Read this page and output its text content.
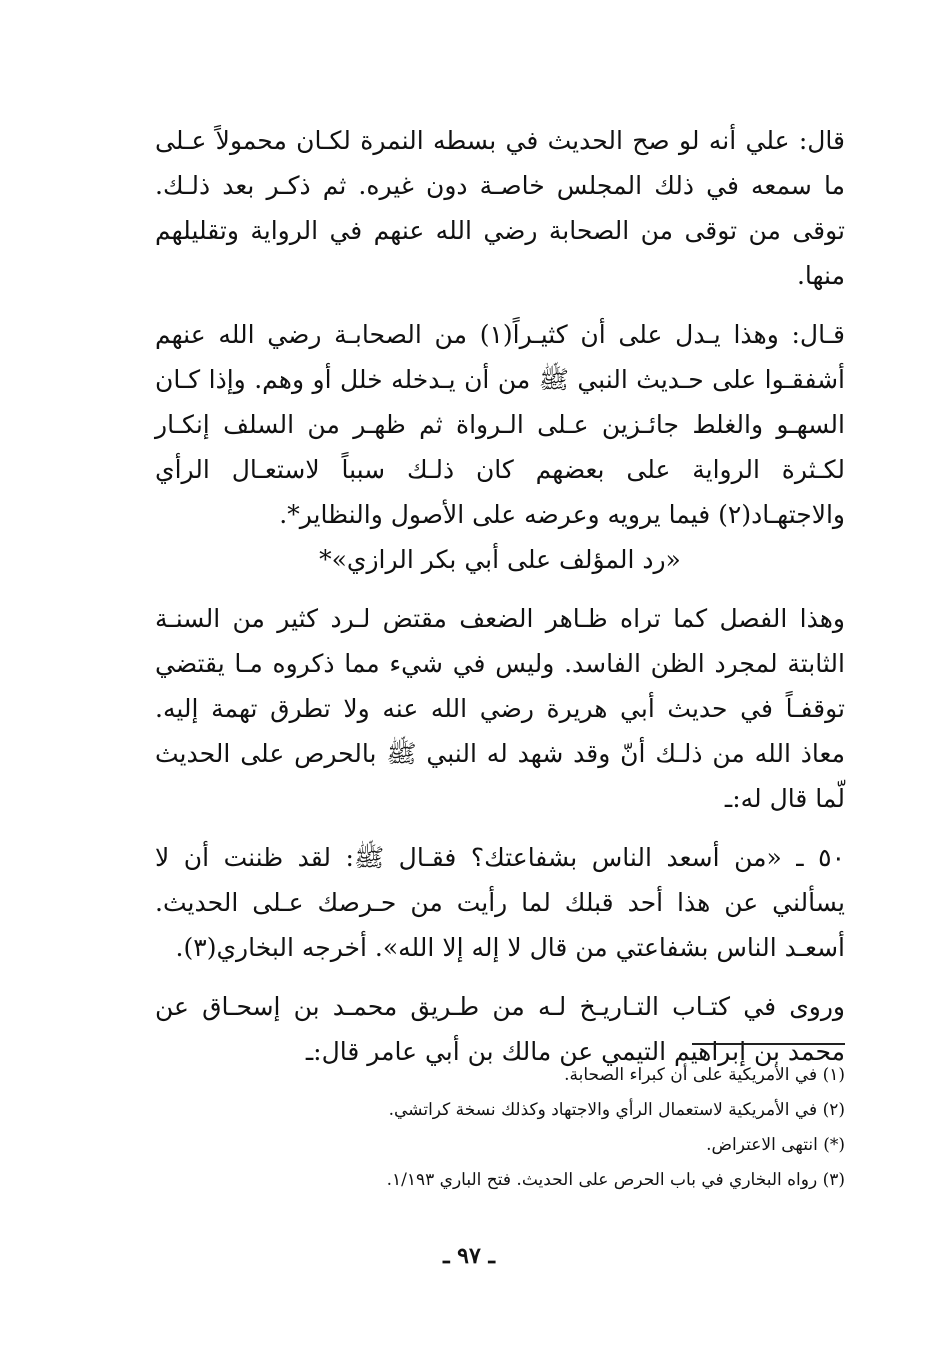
قال: علي أنه لو صح الحديث في بسطه النمرة لكـان محمولاً عـلى ما سمعه في ذلك المجلس خاصـة دون غيره. ثم ذكـر بعد ذلـك. توقى من توقى من الصحابة رضي الله عنهم في الرواية وتقليلهم منها.

قـال: وهذا يـدل على أن كثيـراً(١) من الصحابـة رضي الله عنهم أشفقـوا على حـديث النبي ﷺ من أن يـدخله خلل أو وهم. وإذا كـان السهـو والغلط جائـزين عـلى الـرواة ثم ظهـر من السلف إنكـار لكـثرة الرواية على بعضهم كان ذلـك سبباً لاستعـال الرأي والاجتهـاد(٢) فيما يرويه وعرضه على الأصول والنظاير*.

«رد المؤلف على أبي بكر الرازي»*

وهذا الفصل كما تراه ظـاهر الضعف مقتض لـرد كثير من السنـة الثابتة لمجرد الظن الفاسد. وليس في شيء مما ذكروه مـا يقتضي توقفـاً في حديث أبي هريرة رضي الله عنه ولا تطرق تهمة إليه. معاذ الله من ذلـك أنّ وقد شهد له النبي ﷺ بالحرص على الحديث لّما قال له:ـ

٥٠ ـ «من أسعد الناس بشفاعتك؟ فقـال ﷺ: لقد ظننت أن لا يسألني عن هذا أحد قبلك لما رأيت من حـرصك عـلى الحديث. أسعـد الناس بشفاعتي من قال لا إله إلا الله». أخرجه البخاري(٣).

وروى في كتـاب التـاريـخ لـه من طـريق محمـد بن إسحـاق عن محمد بن إبراهيم التيمي عن مالك بن أبي عامر قال:ـ

(١) في الأمريكية على أن كبراء الصحابة.

(٢) في الأمريكية لاستعمال الرأي والاجتهاد وكذلك نسخة كراتشي.

(*) انتهى الاعتراض.

(٣) رواه البخاري في باب الحرص على الحديث. فتح الباري ١/١٩٣.

ـ ٩٧ ـ
